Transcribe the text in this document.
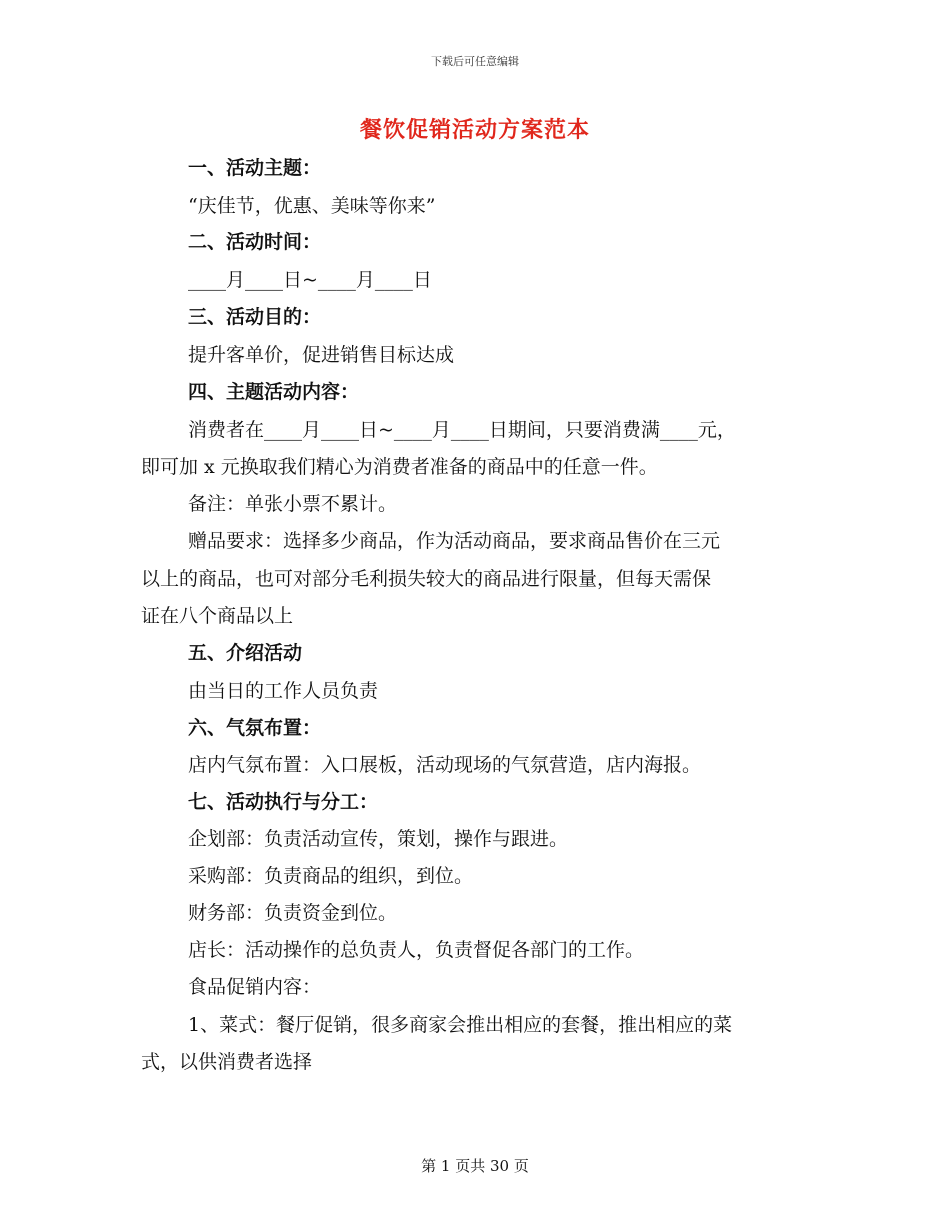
下载后可任意编辑
餐饮促销活动方案范本
一、活动主题：
“庆佳节，优惠、美味等你来”
二、活动时间：
____月____日~____月____日
三、活动目的：
提升客单价，促进销售目标达成
四、主题活动内容：
消费者在____月____日~____月____日期间，只要消费满____元，
即可加 x 元换取我们精心为消费者准备的商品中的任意一件。
备注：单张小票不累计。
赠品要求：选择多少商品，作为活动商品，要求商品售价在三元
以上的商品，也可对部分毛利损失较大的商品进行限量，但每天需保
证在八个商品以上
五、介绍活动
由当日的工作人员负责
六、气氛布置：
店内气氛布置：入口展板，活动现场的气氛营造，店内海报。
七、活动执行与分工：
企划部：负责活动宣传，策划，操作与跟进。
采购部：负责商品的组织，到位。
财务部：负责资金到位。
店长：活动操作的总负责人，负责督促各部门的工作。
食品促销内容：
1、菜式：餐厅促销，很多商家会推出相应的套餐，推出相应的菜
式，以供消费者选择
第 1 页共 30 页
